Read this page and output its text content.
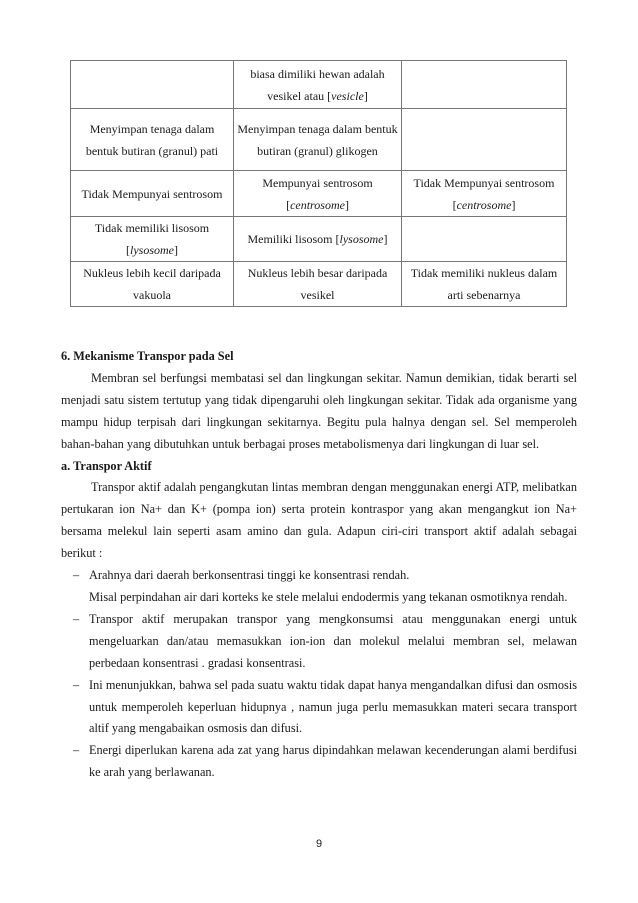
	biasa dimiliki hewan adalah vesikel atau [vesicle]	
Menyimpan tenaga dalam bentuk butiran (granul) pati	Menyimpan tenaga dalam bentuk butiran (granul) glikogen	
Tidak Mempunyai sentrosom	Mempunyai sentrosom [centrosome]	Tidak Mempunyai sentrosom [centrosome]
Tidak memiliki lisosom [lysosome]	Memiliki lisosom [lysosome]	
Nukleus lebih kecil daripada vakuola	Nukleus lebih besar daripada vesikel	Tidak memiliki nukleus dalam arti sebenarnya

6. Mekanisme Transpor pada Sel

Membran sel berfungsi membatasi sel dan lingkungan sekitar. Namun demikian, tidak berarti sel menjadi satu sistem tertutup yang tidak dipengaruhi oleh lingkungan sekitar. Tidak ada organisme yang mampu hidup terpisah dari lingkungan sekitarnya. Begitu pula halnya dengan sel. Sel memperoleh bahan-bahan yang dibutuhkan untuk berbagai proses metabolismenya dari lingkungan di luar sel.

a. Transpor Aktif

Transpor aktif adalah pengangkutan lintas membran dengan menggunakan energi ATP, melibatkan pertukaran ion Na+ dan K+ (pompa ion) serta protein kontraspor yang akan mengangkut ion Na+ bersama melekul lain seperti asam amino dan gula. Adapun ciri-ciri transport aktif adalah sebagai berikut :

– Arahnya dari daerah berkonsentrasi tinggi ke konsentrasi rendah.
Misal perpindahan air dari korteks ke stele melalui endodermis yang tekanan osmotiknya rendah.
– Transpor aktif merupakan transpor yang mengkonsumsi atau menggunakan energi untuk mengeluarkan dan/atau memasukkan ion-ion dan molekul melalui membran sel, melawan perbedaan konsentrasi . gradasi konsentrasi.
– Ini menunjukkan, bahwa sel pada suatu waktu tidak dapat hanya mengandalkan difusi dan osmosis untuk memperoleh keperluan hidupnya , namun juga perlu memasukkan materi secara transport altif yang mengabaikan osmosis dan difusi.
– Energi diperlukan karena ada zat yang harus dipindahkan melawan kecenderungan alami berdifusi ke arah yang berlawanan.
9
